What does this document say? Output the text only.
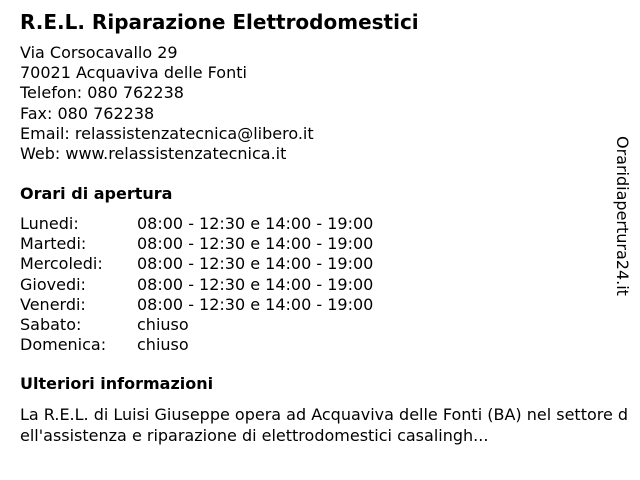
R.E.L. Riparazione Elettrodomestici
Via Corsocavallo 29
70021 Acquaviva delle Fonti
Telefon: 080 762238
Fax: 080 762238
Email: relassistenzatecnica@libero.it
Web: www.relassistenzatecnica.it
Orari di apertura
Lunedi:	08:00 - 12:30 e 14:00 - 19:00
Martedi:	08:00 - 12:30 e 14:00 - 19:00
Mercoledi:	08:00 - 12:30 e 14:00 - 19:00
Giovedi:	08:00 - 12:30 e 14:00 - 19:00
Venerdi:	08:00 - 12:30 e 14:00 - 19:00
Sabato:	chiuso
Domenica:	chiuso
Ulteriori informazioni
La R.E.L. di Luisi Giuseppe opera ad Acquaviva delle Fonti (BA) nel settore dell'assistenza e riparazione di elettrodomestici casalingh...
Oraridiapertura24.it
